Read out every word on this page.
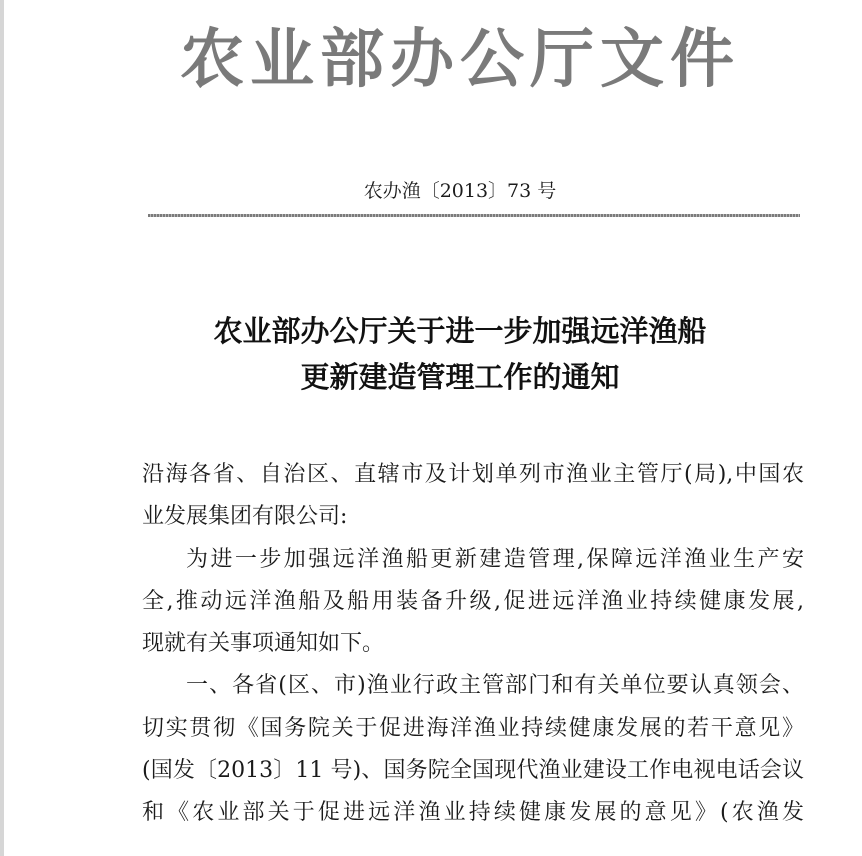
农业部办公厅文件
农办渔〔2013〕73 号
农业部办公厅关于进一步加强远洋渔船
更新建造管理工作的通知
沿海各省、自治区、直辖市及计划单列市渔业主管厅(局),中国农
业发展集团有限公司:
为进一步加强远洋渔船更新建造管理,保障远洋渔业生产安
全,推动远洋渔船及船用装备升级,促进远洋渔业持续健康发展,
现就有关事项通知如下。
一、各省(区、市)渔业行政主管部门和有关单位要认真领会、
切实贯彻《国务院关于促进海洋渔业持续健康发展的若干意见》
(国发〔2013〕11 号)、国务院全国现代渔业建设工作电视电话会议
和《农业部关于促进远洋渔业持续健康发展的意见》(农渔发
